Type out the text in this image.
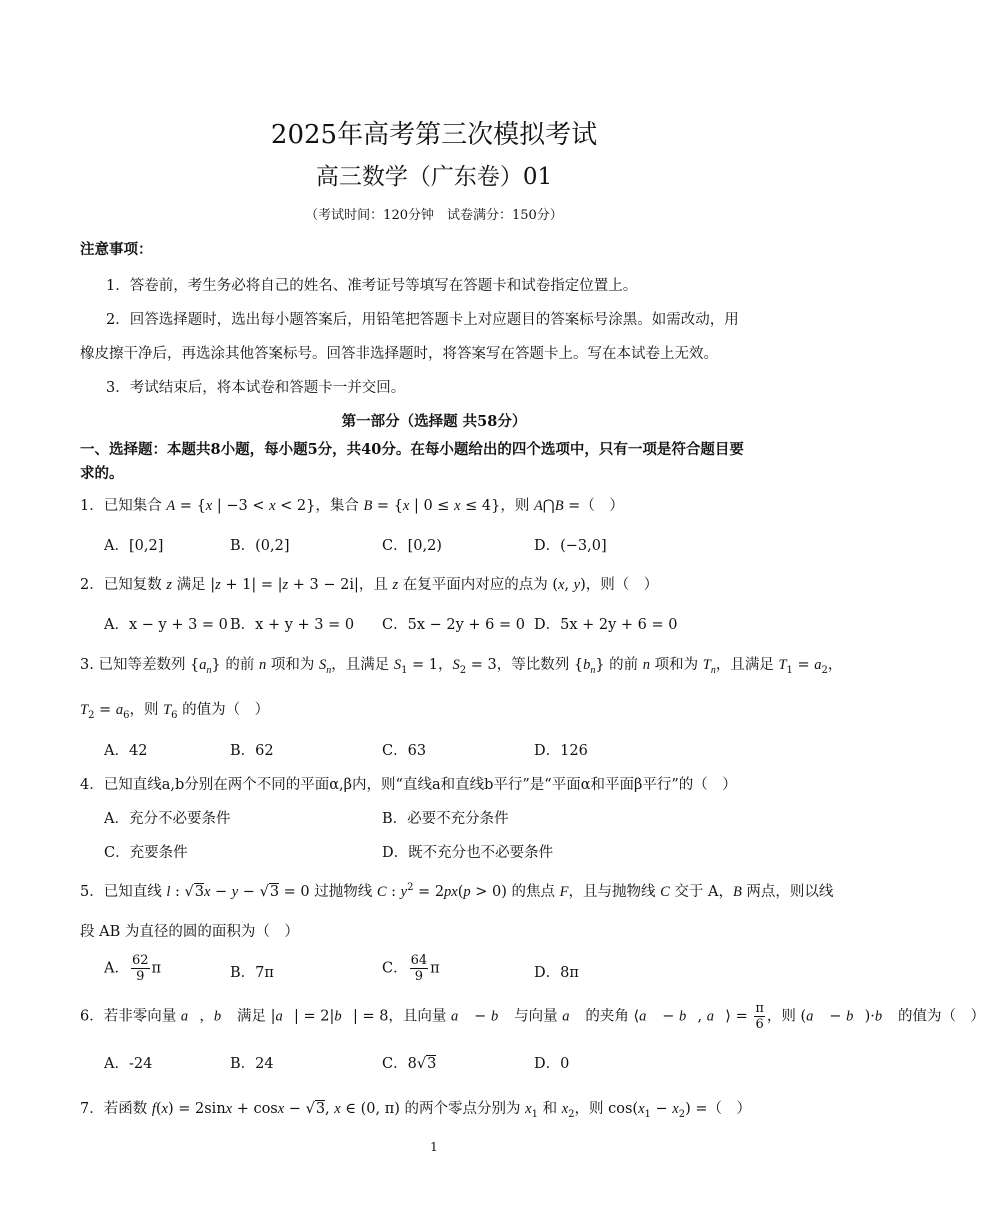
2025年高考第三次模拟考试
高三数学（广东卷）01
（考试时间：120分钟　试卷满分：150分）
注意事项：
1．答卷前，考生务必将自己的姓名、准考证号等填写在答题卡和试卷指定位置上。
2．回答选择题时，选出每小题答案后，用铅笔把答题卡上对应题目的答案标号涂黑。如需改动，用
橡皮擦干净后，再选涂其他答案标号。回答非选择题时，将答案写在答题卡上。写在本试卷上无效。
3．考试结束后，将本试卷和答题卡一并交回。
第一部分（选择题 共58分）
一、选择题：本题共8小题，每小题5分，共40分。在每小题给出的四个选项中，只有一项是符合题目要
求的。
1．已知集合 A = {x | −3 < x < 2}，集合 B = {x | 0 ≤ x ≤ 4}，则 A⋂B =（　）
A．[0,2]	B．(0,2]	C．[0,2)	D．(−3,0]
2．已知复数 z 满足 |z + 1| = |z + 3 − 2i|，且 z 在复平面内对应的点为 (x, y)，则（　）
A．x − y + 3 = 0 B．x + y + 3 = 0 C．5x − 2y + 6 = 0 D．5x + 2y + 6 = 0
3. 已知等差数列 $\{a_n\}$ 的前 n 项和为 $S_n$，且满足 $S_1 = 1$，$S_2 = 3$，等比数列 $\{b_n\}$ 的前 n 项和为 $T_n$，且满足 $T_1 = a_2$，
$T_2 = a_6$，则 $T_6$ 的值为（　）
A．42	B．62	C．63	D．126
4．已知直线a,b分别在两个不同的平面α,β内，则“直线a和直线b平行”是“平面α和平面β平行”的（　）
A．充分不必要条件	B．必要不充分条件
C．充要条件	D．既不充分也不必要条件
5．已知直线 l : √3x − y − √3 = 0 过抛物线 C : $y^2 = 2px(p > 0)$ 的焦点 F，且与抛物线 C 交于 A，B 两点，则以线
段 AB 为直径的圆的面积为（　）
A． $\frac{62}{9}$ π	B．7π	C． $\frac{64}{9}$ π	D．8π
6．若非零向量 a⃗，b⃗ 满足 |a⃗| = 2|b⃗| = 8，且向量 a⃗ − b⃗ 与向量 a⃗ 的夹角 ⟨a⃗ − b⃗, a⃗⟩ = $\frac{\pi}{6}$ ，则 (a⃗ − b⃗)·b⃗ 的值为（　）
A．-24	B．24	C．8√3	D．0
7．若函数 f(x) = 2sinx + cosx − √3, x ∈ (0, π) 的两个零点分别为 $x_1$ 和 $x_2$，则 $\cos(x_1 - x_2)$ =（　）
1
